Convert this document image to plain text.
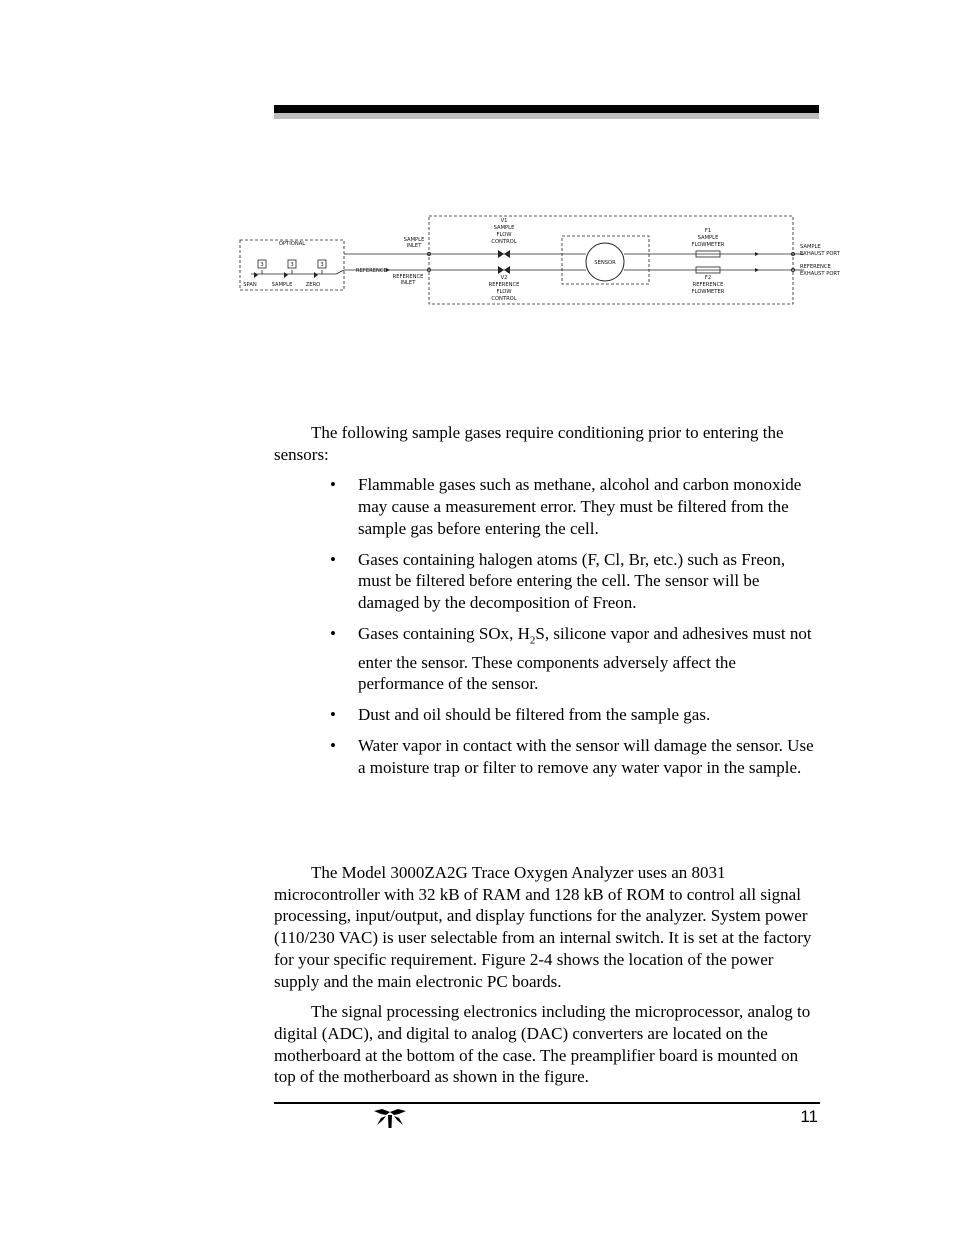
OPTIONAL
3	3	3
SPAN	SAMPLE	ZERO
SAMPLE
INLET
REFERENCE
REFERENCE
INLET
V1
SAMPLE
FLOW
CONTROL
V2
REFERENCE
FLOW
CONTROL
SENSOR
F1
SAMPLE
FLOWMETER
F2
REFERENCE
FLOWMETER
SAMPLE
EXHAUST PORT
REFERENCE
EXHAUST PORT

The following sample gases require conditioning prior to entering the sensors:

• Flammable gases such as methane, alcohol and carbon monoxide may cause a measurement error. They must be filtered from the sample gas before entering the cell.
• Gases containing halogen atoms (F, Cl, Br, etc.) such as Freon, must be filtered before entering the cell. The sensor will be damaged by the decomposition of Freon.
• Gases containing SOx, $H_2S$, silicone vapor and adhesives must not enter the sensor. These components adversely affect the performance of the sensor.
• Dust and oil should be filtered from the sample gas.
• Water vapor in contact with the sensor will damage the sensor. Use a moisture trap or filter to remove any water vapor in the sample.

The Model 3000ZA2G Trace Oxygen Analyzer uses an 8031 microcontroller with 32 kB of RAM and 128 kB of ROM to control all signal processing, input/output, and display functions for the analyzer. System power (110/230 VAC) is user selectable from an internal switch. It is set at the factory for your specific requirement. Figure 2-4 shows the location of the power supply and the main electronic PC boards.

The signal processing electronics including the microprocessor, analog to digital (ADC), and digital to analog (DAC) converters are located on the motherboard at the bottom of the case. The preamplifier board is mounted on top of the motherboard as shown in the figure.

11
